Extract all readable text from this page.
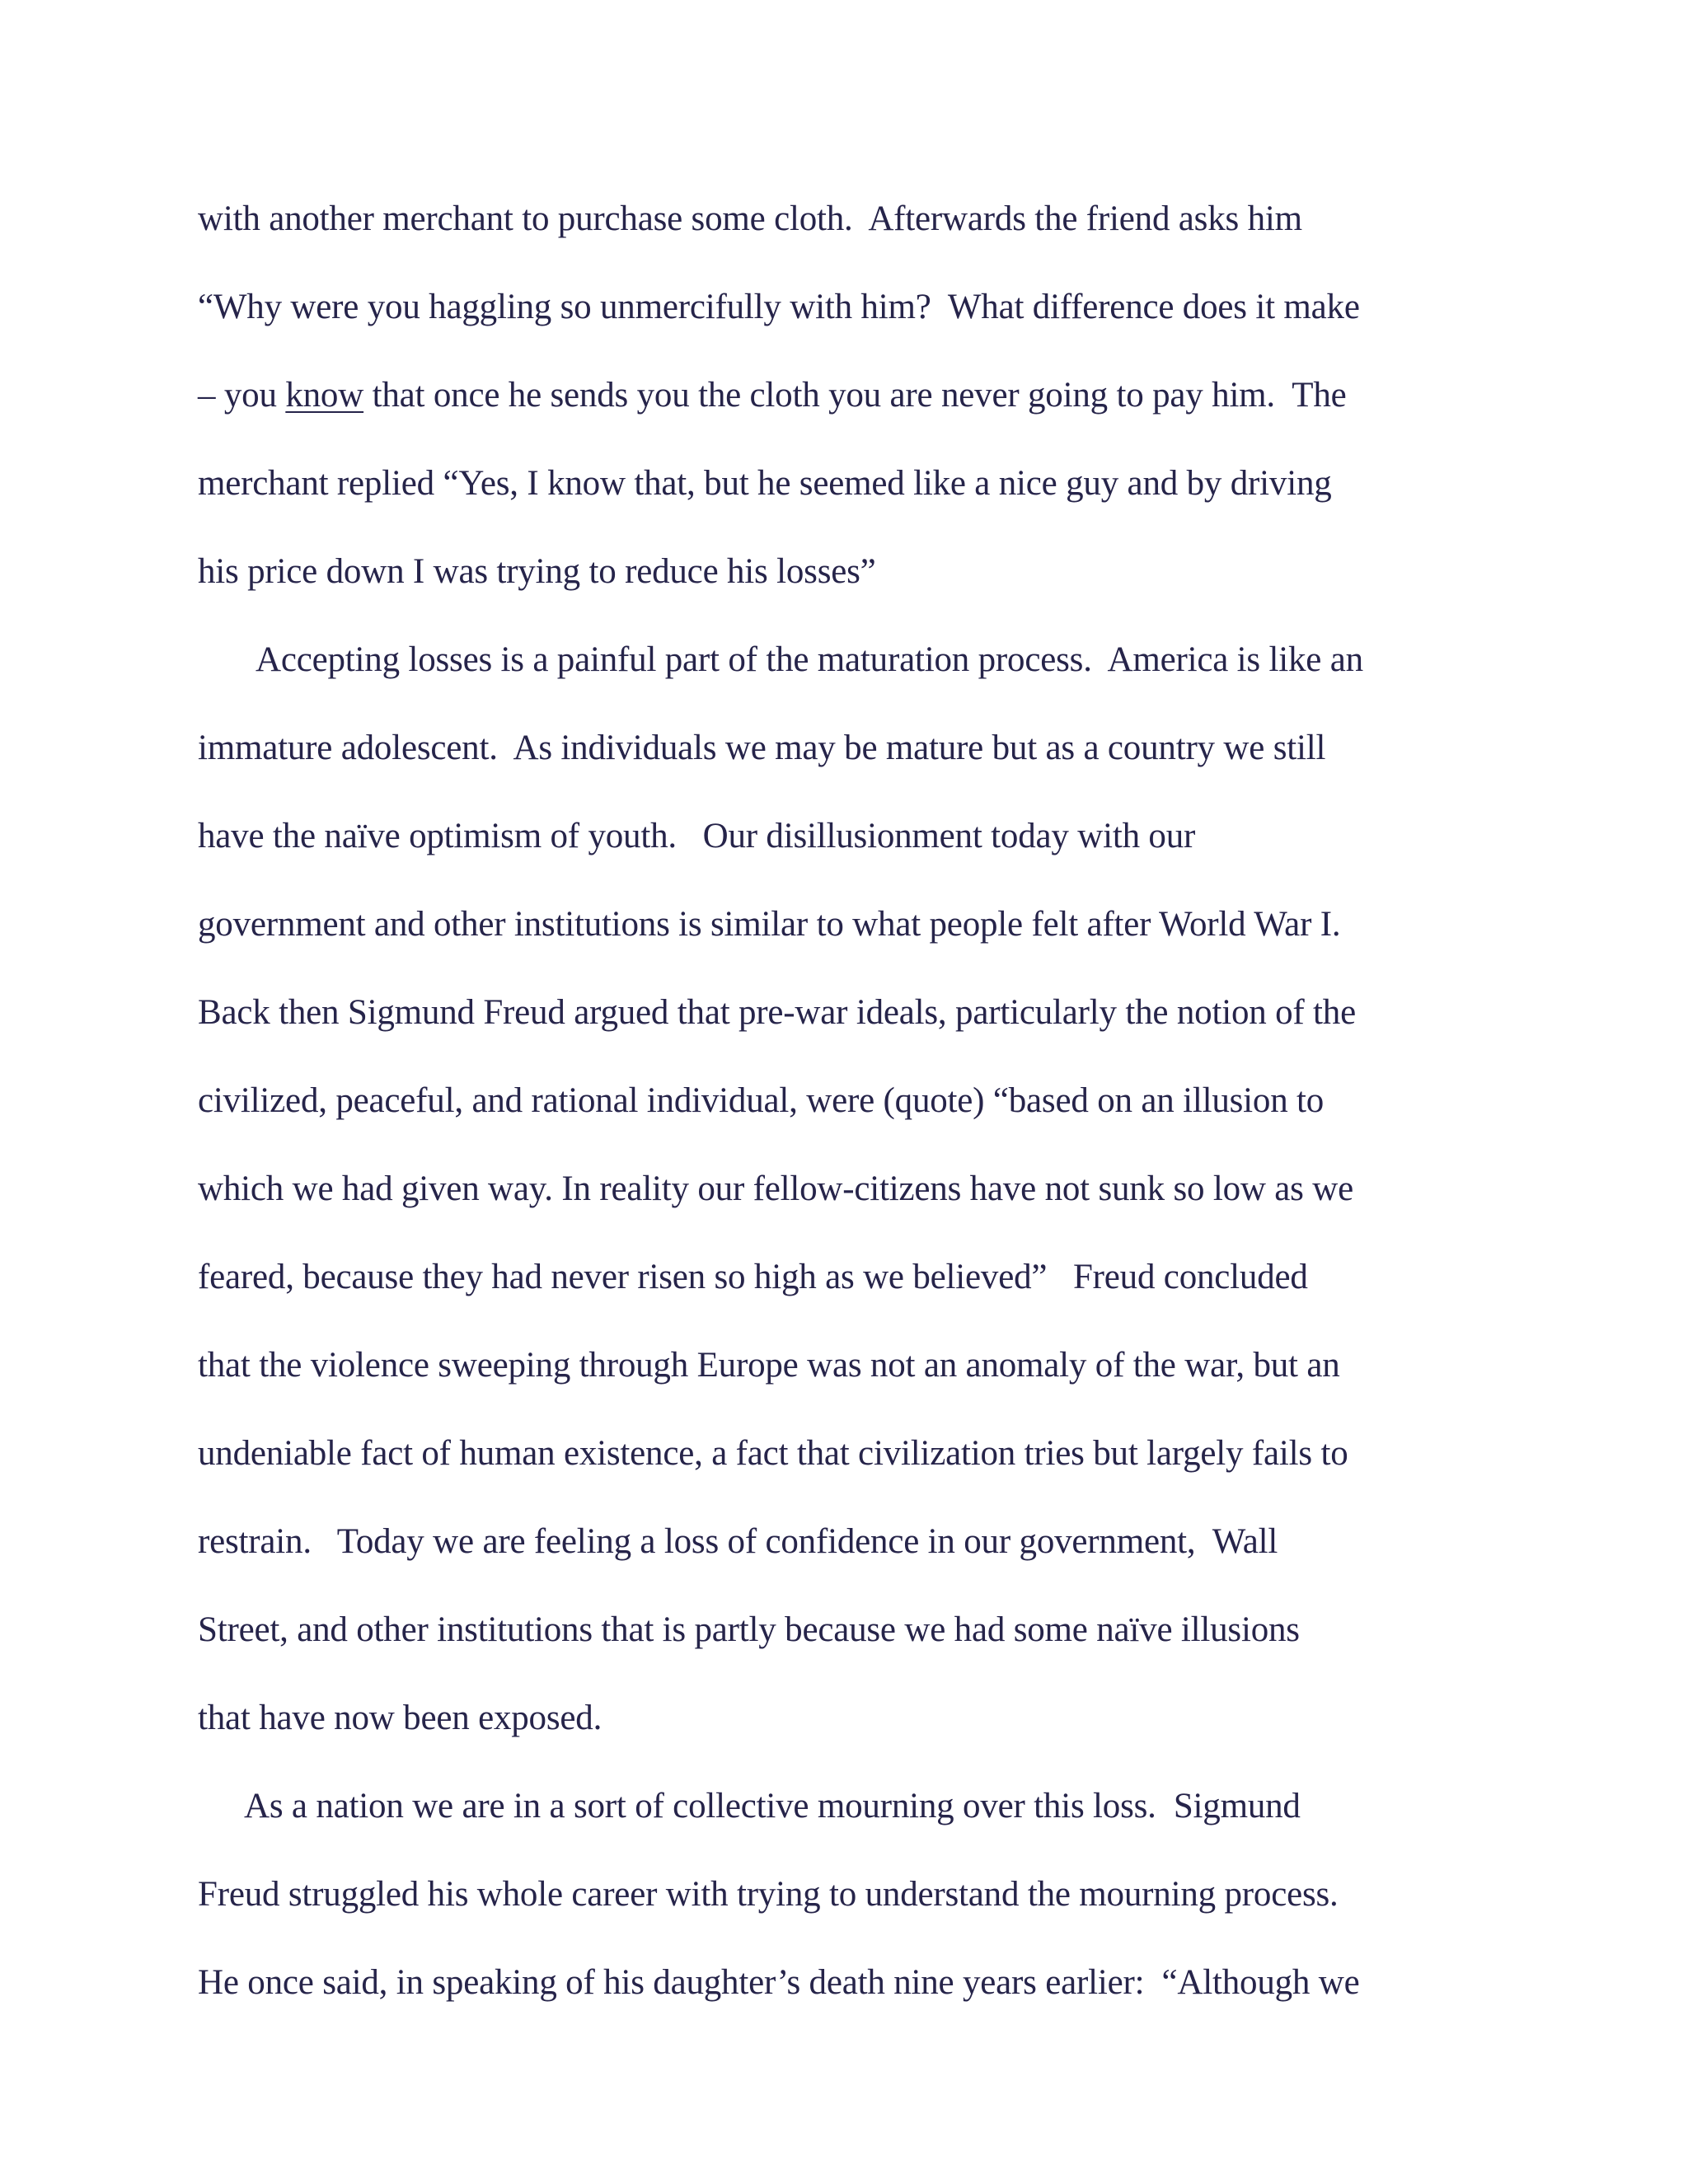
with another merchant to purchase some cloth.  Afterwards the friend asks him
“Why were you haggling so unmercifully with him?  What difference does it make
– you know that once he sends you the cloth you are never going to pay him.  The
merchant replied “Yes, I know that, but he seemed like a nice guy and by driving
his price down I was trying to reduce his losses”
Accepting losses is a painful part of the maturation process.  America is like an
immature adolescent.  As individuals we may be mature but as a country we still
have the naïve optimism of youth.   Our disillusionment today with our
government and other institutions is similar to what people felt after World War I.
Back then Sigmund Freud argued that pre-war ideals, particularly the notion of the
civilized, peaceful, and rational individual, were (quote) “based on an illusion to
which we had given way. In reality our fellow-citizens have not sunk so low as we
feared, because they had never risen so high as we believed”   Freud concluded
that the violence sweeping through Europe was not an anomaly of the war, but an
undeniable fact of human existence, a fact that civilization tries but largely fails to
restrain.   Today we are feeling a loss of confidence in our government,  Wall
Street, and other institutions that is partly because we had some naïve illusions
that have now been exposed.
As a nation we are in a sort of collective mourning over this loss.  Sigmund
Freud struggled his whole career with trying to understand the mourning process.
He once said, in speaking of his daughter’s death nine years earlier:  “Although we
